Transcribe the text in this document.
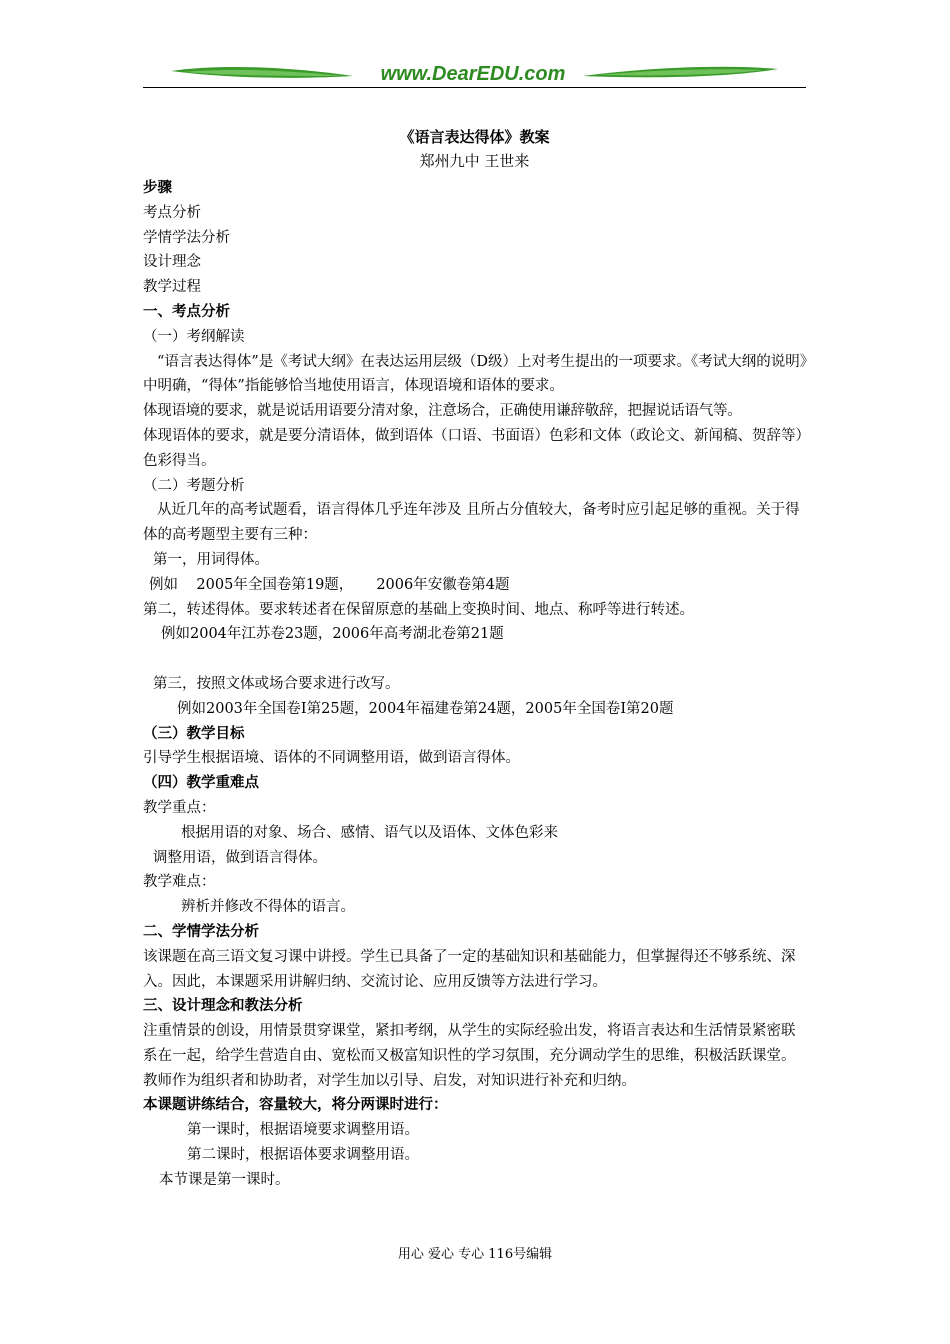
www.DearEDU.com
《语言表达得体》教案
郑州九中 王世来

步骤

考点分析

学情学法分析

设计理念

教学过程

一、考点分析

（一）考纲解读

“语言表达得体”是《考试大纲》在表达运用层级（D级）上对考生提出的一项要求。《考试大纲的说明》中明确，“得体”指能够恰当地使用语言，体现语境和语体的要求。

体现语境的要求，就是说话用语要分清对象，注意场合，正确使用谦辞敬辞，把握说话语气等。

体现语体的要求，就是要分清语体，做到语体（口语、书面语）色彩和文体（政论文、新闻稿、贺辞等）色彩得当。

（二）考题分析

从近几年的高考试题看，语言得体几乎连年涉及 且所占分值较大，备考时应引起足够的重视。关于得体的高考题型主要有三种：

第一，用词得体。

例如    2005年全国卷第19题，     2006年安徽卷第4题

第二，转述得体。要求转述者在保留原意的基础上变换时间、地点、称呼等进行转述。

例如2004年江苏卷23题，2006年高考湖北卷第21题

第三，按照文体或场合要求进行改写。

例如2003年全国卷I第25题，2004年福建卷第24题，2005年全国卷I第20题

（三）教学目标

引导学生根据语境、语体的不同调整用语，做到语言得体。

（四）教学重难点

教学重点：

根据用语的对象、场合、感情、语气以及语体、文体色彩来

调整用语，做到语言得体。

教学难点：

辨析并修改不得体的语言。

二、学情学法分析

该课题在高三语文复习课中讲授。学生已具备了一定的基础知识和基础能力，但掌握得还不够系统、深入。因此，本课题采用讲解归纳、交流讨论、应用反馈等方法进行学习。

三、设计理念和教法分析

注重情景的创设，用情景贯穿课堂，紧扣考纲，从学生的实际经验出发，将语言表达和生活情景紧密联系在一起，给学生营造自由、宽松而又极富知识性的学习氛围，充分调动学生的思维，积极活跃课堂。

教师作为组织者和协助者，对学生加以引导、启发，对知识进行补充和归纳。

本课题讲练结合，容量较大，将分两课时进行：

第一课时，根据语境要求调整用语。

第二课时，根据语体要求调整用语。

本节课是第一课时。

用心 爱心 专心 116号编辑
